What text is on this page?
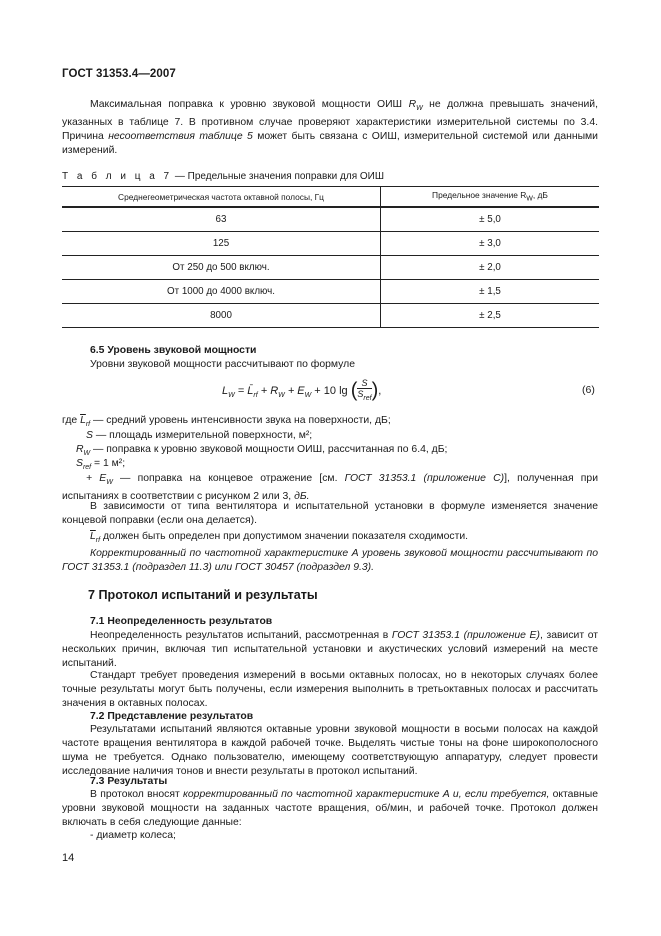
ГОСТ 31353.4—2007
Максимальная поправка к уровню звуковой мощности ОИШ $R_W$ не должна превышать значений, указанных в таблице 7. В противном случае проверяют характеристики измерительной системы по 3.4. Причина несоответствия таблице 5 может быть связана с ОИШ, измерительной системой или данными измерений.
Т а б л и ц а 7 — Предельные значения поправки для ОИШ
Среднегеометрическая частота октавной полосы, Гц	Предельное значение $R_W$, дБ
63	± 5,0
125	± 3,0
От 250 до 500 включ.	± 2,0
От 1000 до 4000 включ.	± 1,5
8000	± 2,5
6.5 Уровень звуковой мощности
Уровни звуковой мощности рассчитывают по формуле
$L_W$ = $L̄_{rf} + R_W + E_W + 10$ lg ( $\frac{S}{S_{ref}}$ ),	(6)
где $\overline{L}_{rf}$ — средний уровень интенсивности звука на поверхности, дБ;
S — площадь измерительной поверхности, м²;
$R_W$ — поправка к уровню звуковой мощности ОИШ, рассчитанная по 6.4, дБ;
$S_{ref} = 1$ м²;
+ $E_W$ — поправка на концевое отражение [см. ГОСТ 31353.1 (приложение С)], полученная при испытаниях в соответствии с рисунком 2 или 3, дБ.
В зависимости от типа вентилятора и испытательной установки в формуле изменяется значение концевой поправки (если она делается).
$\overline{L}_{rf}$ должен быть определен при допустимом значении показателя сходимости.
Корректированный по частотной характеристике А уровень звуковой мощности рассчитывают по ГОСТ 31353.1 (подраздел 11.3) или ГОСТ 30457 (подраздел 9.3).
7 Протокол испытаний и результаты
7.1 Неопределенность результатов
Неопределенность результатов испытаний, рассмотренная в ГОСТ 31353.1 (приложение Е), зависит от нескольких причин, включая тип испытательной установки и акустических условий измерений на месте испытаний.
Стандарт требует проведения измерений в восьми октавных полосах, но в некоторых случаях более точные результаты могут быть получены, если измерения выполнить в третьоктавных полосах и рассчитать значения в октавных полосах.
7.2 Представление результатов
Результатами испытаний являются октавные уровни звуковой мощности в восьми полосах на каждой частоте вращения вентилятора в каждой рабочей точке. Выделять чистые тоны на фоне широкополосного шума не требуется. Однако пользователю, имеющему соответствующую аппаратуру, следует провести исследование наличия тонов и внести результаты в протокол испытаний.
7.3 Результаты
В протокол вносят корректированный по частотной характеристике А и, если требуется, октавные уровни звуковой мощности на заданных частоте вращения, об/мин, и рабочей точке. Протокол должен включать в себя следующие данные:
- диаметр колеса;
14
